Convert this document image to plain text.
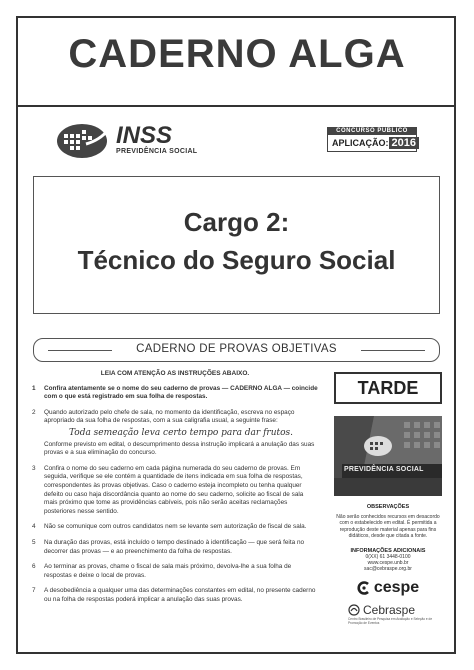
CADERNO ALGA
INSS
PREVIDÊNCIA SOCIAL
CONCURSO PÚBLICO
APLICAÇÃO: 2016
Cargo 2:
Técnico do Seguro Social
CADERNO DE PROVAS OBJETIVAS
LEIA COM ATENÇÃO AS INSTRUÇÕES ABAIXO.
1 Confira atentamente se o nome do seu caderno de provas — CADERNO ALGA — coincide com o que está registrado em sua folha de respostas.
2 Quando autorizado pelo chefe de sala, no momento da identificação, escreva no espaço apropriado da sua folha de respostas, com a sua caligrafia usual, a seguinte frase:
Toda semeação leva certo tempo para dar frutos.
Conforme previsto em edital, o descumprimento dessa instrução implicará a anulação das suas provas e a sua eliminação do concurso.
3 Confira o nome do seu caderno em cada página numerada do seu caderno de provas. Em seguida, verifique se ele contém a quantidade de itens indicada em sua folha de respostas, correspondentes às provas objetivas. Caso o caderno esteja incompleto ou tenha qualquer defeito ou caso haja discordância quanto ao nome do seu caderno, solicite ao fiscal de sala mais próximo que tome as providências cabíveis, pois não serão aceitas reclamações posteriores nesse sentido.
4 Não se comunique com outros candidatos nem se levante sem autorização de fiscal de sala.
5 Na duração das provas, está incluído o tempo destinado à identificação — que será feita no decorrer das provas — e ao preenchimento da folha de respostas.
6 Ao terminar as provas, chame o fiscal de sala mais próximo, devolva-lhe a sua folha de respostas e deixe o local de provas.
7 A desobediência a qualquer uma das determinações constantes em edital, no presente caderno ou na folha de respostas poderá implicar a anulação das suas provas.
TARDE
PREVIDÊNCIA SOCIAL
OBSERVAÇÕES
Não serão conhecidos recursos em desacordo com o estabelecido em edital. É permitida a reprodução deste material apenas para fins didáticos, desde que citada a fonte.
INFORMAÇÕES ADICIONAIS
0(XX) 61 3448-0100
www.cespe.unb.br
sac@cebraspe.org.br
cespe
Cebraspe
Centro Brasileiro de Pesquisa em Avaliação e Seleção e de Promoção de Eventos
